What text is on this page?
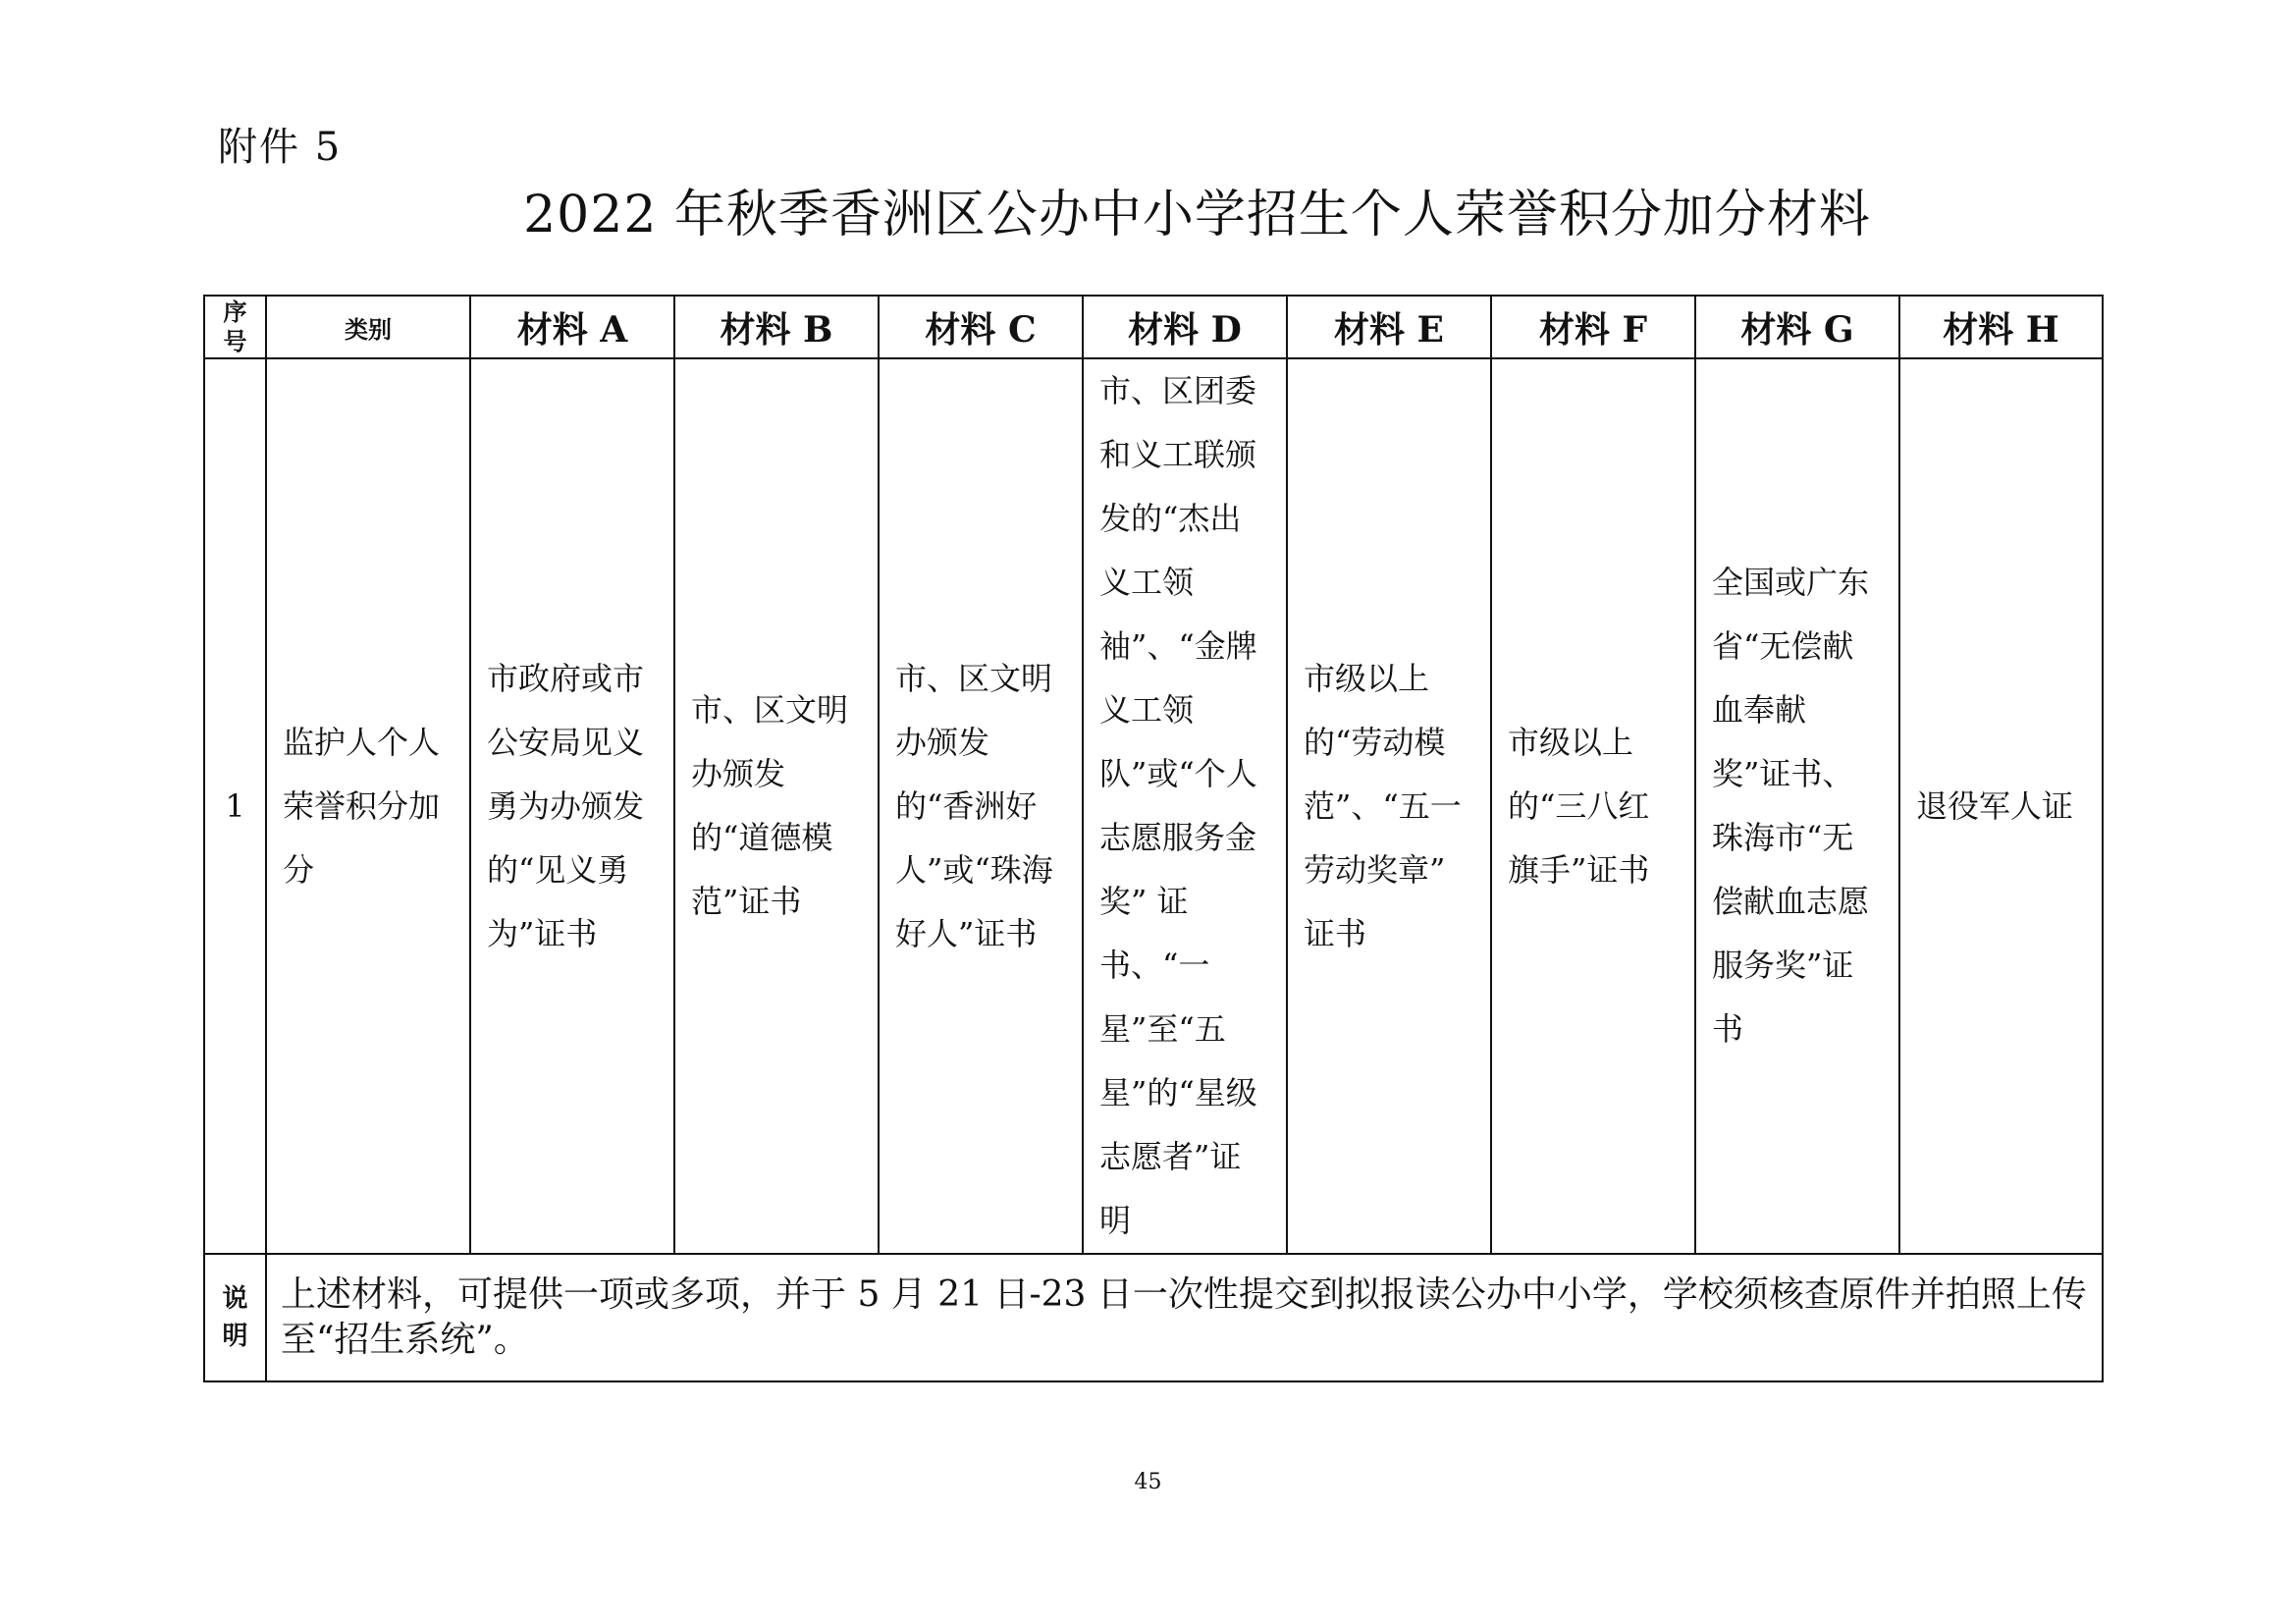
附件 5
2022 年秋季香洲区公办中小学招生个人荣誉积分加分材料
序号	类别	材料 A	材料 B	材料 C	材料 D	材料 E	材料 F	材料 G	材料 H
1	监护人个人荣誉积分加分	市政府或市公安局见义勇为办颁发的“见义勇为”证书	市、区文明办颁发的“道德模范”证书	市、区文明办颁发的“香洲好人”或“珠海好人”证书	市、区团委和义工联颁发的“杰出义工领袖”、“金牌义工领队”或“个人志愿服务金奖” 证书、“一星”至“五星”的“星级志愿者”证明	市级以上的“劳动模范”、“五一劳动奖章” 证书	市级以上的“三八红旗手”证书	全国或广东省“无偿献血奉献奖”证书、 珠海市“无偿献血志愿服务奖”证书	退役军人证

说明	上述材料，可提供一项或多项，并于 5 月 21 日-23 日一次性提交到拟报读公办中小学，学校须核查原件并拍照上传至“招生系统”。								
45
